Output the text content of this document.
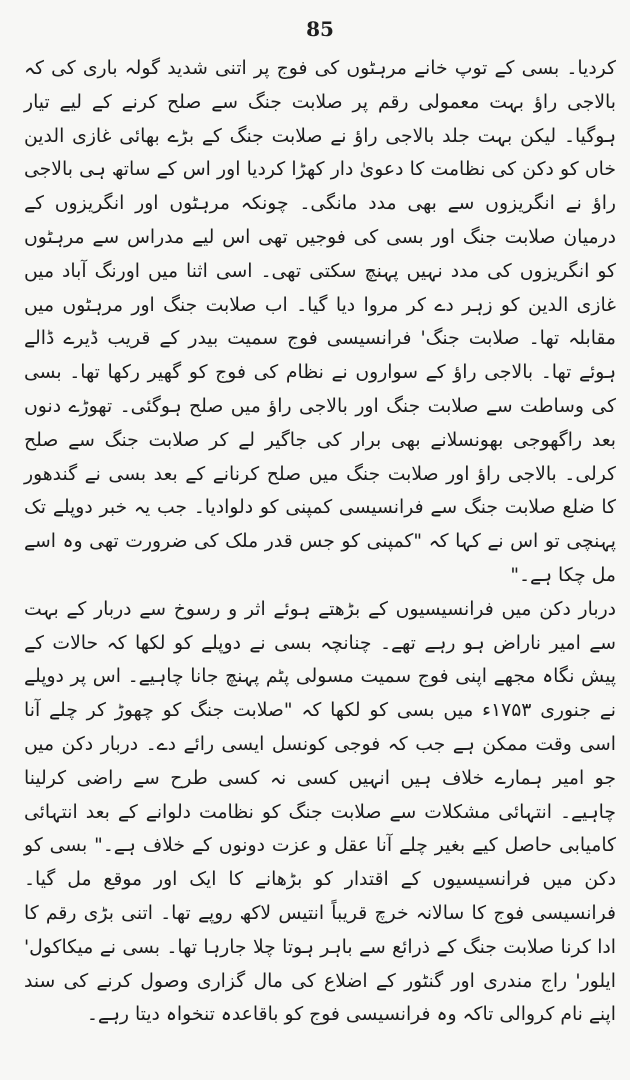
85

کردیا۔ بسی کے توپ خانے مرہٹوں کی فوج پر اتنی شدید گولہ باری کی کہ بالاجی راؤ بہت معمولی رقم پر صلابت جنگ سے صلح کرنے کے لیے تیار ہوگیا۔ لیکن بہت جلد بالاجی راؤ نے صلابت جنگ کے بڑے بھائی غازی الدین خاں کو دکن کی نظامت کا دعویٰ دار کھڑا کردیا اور اس کے ساتھ ہی بالاجی راؤ نے انگریزوں سے بھی مدد مانگی۔ چونکہ مرہٹوں اور انگریزوں کے درمیان صلابت جنگ اور بسی کی فوجیں تھی اس لیے مدراس سے مرہٹوں کو انگریزوں کی مدد نہیں پہنچ سکتی تھی۔ اسی اثنا میں اورنگ آباد میں غازی الدین کو زہر دے کر مروا دیا گیا۔ اب صلابت جنگ اور مرہٹوں میں مقابلہ تھا۔ صلابت جنگ' فرانسیسی فوج سمیت بیدر کے قریب ڈیرے ڈالے ہوئے تھا۔ بالاجی راؤ کے سواروں نے نظام کی فوج کو گھیر رکھا تھا۔ بسی کی وساطت سے صلابت جنگ اور بالاجی راؤ میں صلح ہوگئی۔ تھوڑے دنوں بعد راگھوجی بھونسلانے بھی برار کی جاگیر لے کر صلابت جنگ سے صلح کرلی۔ بالاجی راؤ اور صلابت جنگ میں صلح کرنانے کے بعد بسی نے گندھور کا ضلع صلابت جنگ سے فرانسیسی کمپنی کو دلوادیا۔ جب یہ خبر دوپلے تک پہنچی تو اس نے کہا کہ "کمپنی کو جس قدر ملک کی ضرورت تھی وہ اسے مل چکا ہے۔"

دربار دکن میں فرانسیسیوں کے بڑھتے ہوئے اثر و رسوخ سے دربار کے بہت سے امیر ناراض ہو رہے تھے۔ چنانچہ بسی نے دوپلے کو لکھا کہ حالات کے پیش نگاہ مجھے اپنی فوج سمیت مسولی پٹم پہنچ جانا چاہیے۔ اس پر دوپلے نے جنوری ۱۷۵۳ء میں بسی کو لکھا کہ "صلابت جنگ کو چھوڑ کر چلے آنا اسی وقت ممکن ہے جب کہ فوجی کونسل ایسی رائے دے۔ دربار دکن میں جو امیر ہمارے خلاف ہیں انہیں کسی نہ کسی طرح سے راضی کرلینا چاہیے۔ انتہائی مشکلات سے صلابت جنگ کو نظامت دلوانے کے بعد انتہائی کامیابی حاصل کیے بغیر چلے آنا عقل و عزت دونوں کے خلاف ہے۔" بسی کو دکن میں فرانسیسیوں کے اقتدار کو بڑھانے کا ایک اور موقع مل گیا۔ فرانسیسی فوج کا سالانہ خرچ قریباً انتیس لاکھ روپے تھا۔ اتنی بڑی رقم کا ادا کرنا صلابت جنگ کے ذرائع سے باہر ہوتا چلا جارہا تھا۔ بسی نے میکاکول' ایلور' راج مندری اور گنٹور کے اضلاع کی مال گزاری وصول کرنے کی سند اپنے نام کروالی تاکہ وہ فرانسیسی فوج کو باقاعدہ تنخواہ دیتا رہے۔
